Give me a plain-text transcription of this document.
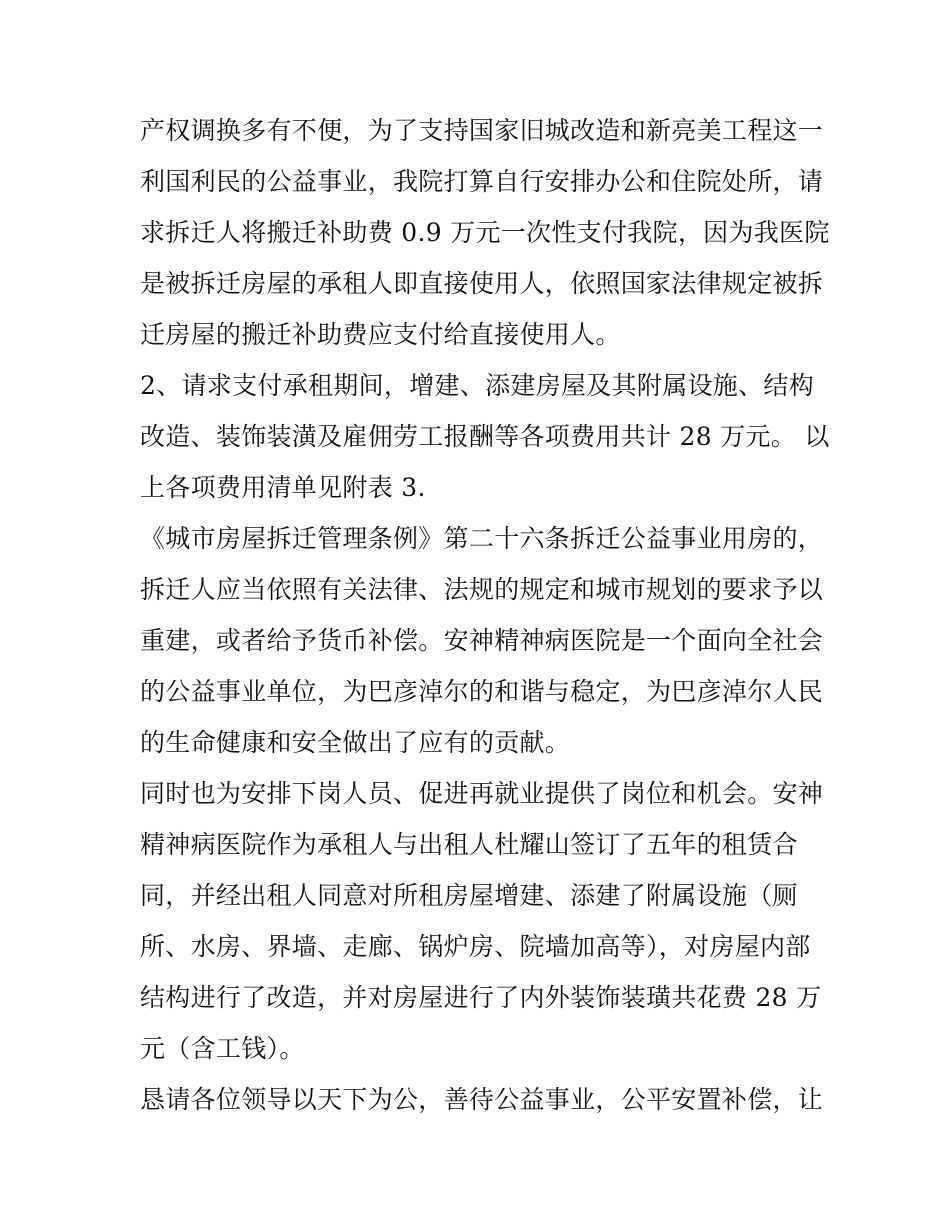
产权调换多有不便，为了支持国家旧城改造和新亮美工程这一
利国利民的公益事业，我院打算自行安排办公和住院处所，请
求拆迁人将搬迁补助费 0.9 万元一次性支付我院，因为我医院
是被拆迁房屋的承租人即直接使用人，依照国家法律规定被拆
迁房屋的搬迁补助费应支付给直接使用人。
2、请求支付承租期间，增建、添建房屋及其附属设施、结构
改造、装饰装潢及雇佣劳工报酬等各项费用共计 28 万元。 以
上各项费用清单见附表 3.
《城市房屋拆迁管理条例》第二十六条拆迁公益事业用房的，
拆迁人应当依照有关法律、法规的规定和城市规划的要求予以
重建，或者给予货币补偿。安神精神病医院是一个面向全社会
的公益事业单位，为巴彦淖尔的和谐与稳定，为巴彦淖尔人民
的生命健康和安全做出了应有的贡献。
同时也为安排下岗人员、促进再就业提供了岗位和机会。安神
精神病医院作为承租人与出租人杜耀山签订了五年的租赁合
同，并经出租人同意对所租房屋增建、添建了附属设施（厕
所、水房、界墙、走廊、锅炉房、院墙加高等），对房屋内部
结构进行了改造，并对房屋进行了内外装饰装璜共花费 28 万
元（含工钱）。
恳请各位领导以天下为公，善待公益事业，公平安置补偿，让
